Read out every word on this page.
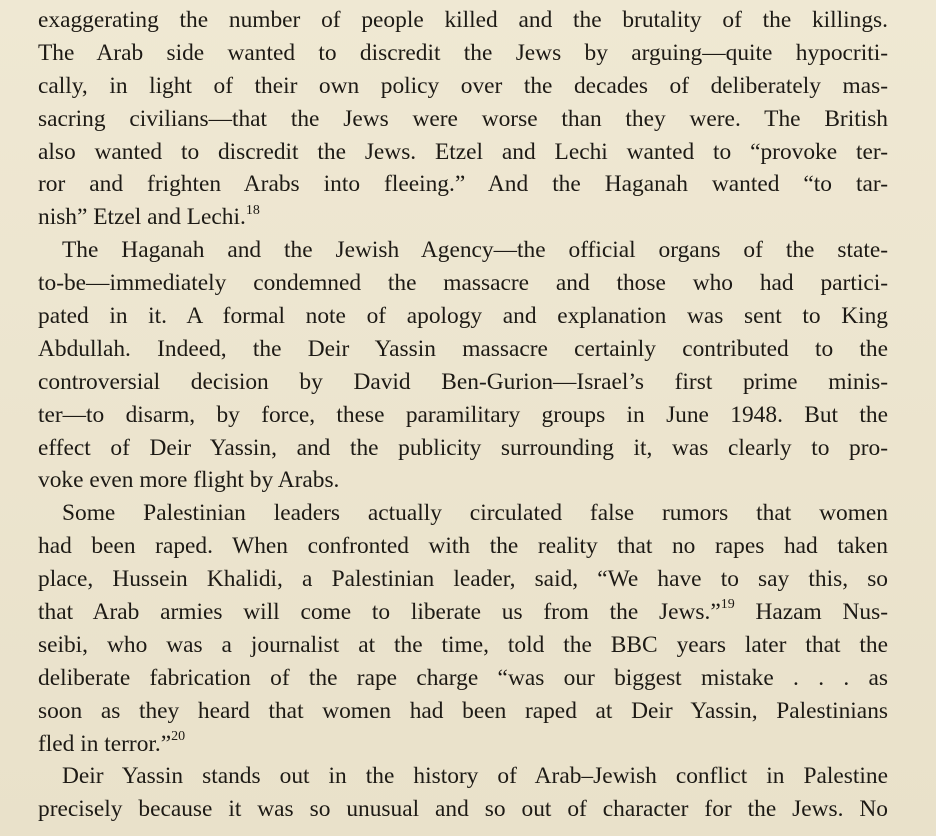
exaggerating the number of people killed and the brutality of the killings.
The Arab side wanted to discredit the Jews by arguing—quite hypocriti-
cally, in light of their own policy over the decades of deliberately mas-
sacring civilians—that the Jews were worse than they were. The British
also wanted to discredit the Jews. Etzel and Lechi wanted to “provoke ter-
ror and frighten Arabs into fleeing.” And the Haganah wanted “to tar-
nish” Etzel and Lechi.$^{18}$
The Haganah and the Jewish Agency—the official organs of the state-
to-be—immediately condemned the massacre and those who had partici-
pated in it. A formal note of apology and explanation was sent to King
Abdullah. Indeed, the Deir Yassin massacre certainly contributed to the
controversial decision by David Ben-Gurion—Israel’s first prime minis-
ter—to disarm, by force, these paramilitary groups in June 1948. But the
effect of Deir Yassin, and the publicity surrounding it, was clearly to pro-
voke even more flight by Arabs.
Some Palestinian leaders actually circulated false rumors that women
had been raped. When confronted with the reality that no rapes had taken
place, Hussein Khalidi, a Palestinian leader, said, “We have to say this, so
that Arab armies will come to liberate us from the Jews.”$^{19}$ Hazam Nus-
seibi, who was a journalist at the time, told the BBC years later that the
deliberate fabrication of the rape charge “was our biggest mistake . . . as
soon as they heard that women had been raped at Deir Yassin, Palestinians
fled in terror.”$^{20}$
Deir Yassin stands out in the history of Arab–Jewish conflict in Palestine
precisely because it was so unusual and so out of character for the Jews. No
